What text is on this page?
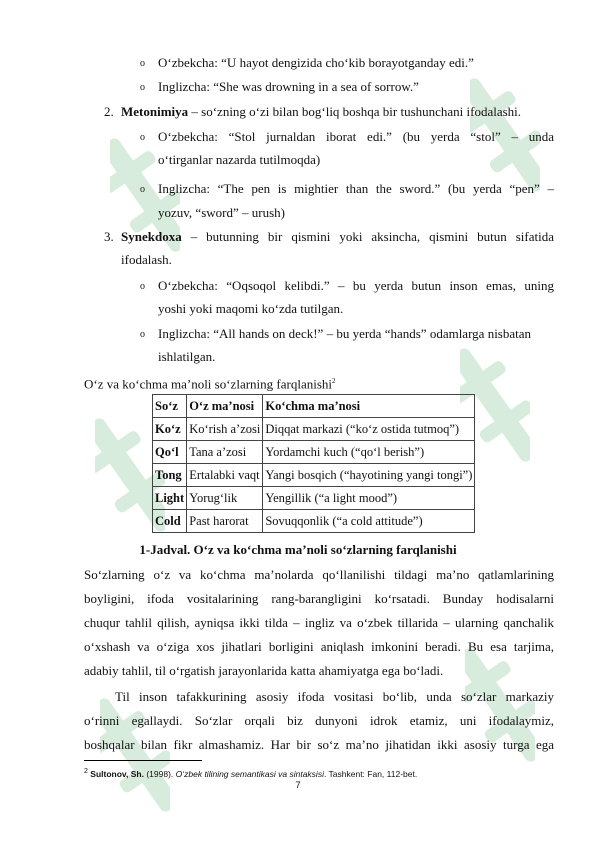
o O‘zbekcha: “U hayot dengizida cho‘kib borayotganday edi.”
o Inglizcha: “She was drowning in a sea of sorrow.”
2. Metonimiya – so‘zning o‘zi bilan bog‘liq boshqa bir tushunchani ifodalashi.
o O‘zbekcha: “Stol jurnaldan iborat edi.” (bu yerda “stol” – unda
o‘tirganlar nazarda tutilmoqda)
o Inglizcha: “The pen is mightier than the sword.” (bu yerda “pen” –
yozuv, “sword” – urush)
3. Synekdoxa – butunning bir qismini yoki aksincha, qismini butun sifatida
ifodalash.
o O‘zbekcha: “Oqsoqol kelibdi.” – bu yerda butun inson emas, uning
yoshi yoki maqomi ko‘zda tutilgan.
o Inglizcha: “All hands on deck!” – bu yerda “hands” odamlarga nisbatan
ishlatilgan.
O‘z va ko‘chma ma’noli so‘zlarning farqlanishi$^2$
So‘z	O‘z ma’nosi	Ko‘chma ma’nosi
Ko‘z	Ko‘rish a’zosi	Diqqat markazi (“ko‘z ostida tutmoq”)
Qo‘l	Tana a’zosi	Yordamchi kuch (“qo‘l berish”)
Tong	Ertalabki vaqt	Yangi bosqich (“hayotining yangi tongi”)
Light	Yorug‘lik	Yengillik (“a light mood”)
Cold	Past harorat	Sovuqqonlik (“a cold attitude”)
1-Jadval. O‘z va ko‘chma ma’noli so‘zlarning farqlanishi
So‘zlarning o‘z va ko‘chma ma’nolarda qo‘llanilishi tildagi ma’no qatlamlarining
boyligini, ifoda vositalarining rang-barangligini ko‘rsatadi. Bunday hodisalarni
chuqur tahlil qilish, ayniqsa ikki tilda – ingliz va o‘zbek tillarida – ularning qanchalik
o‘xshash va o‘ziga xos jihatlari borligini aniqlash imkonini beradi. Bu esa tarjima,
adabiy tahlil, til o‘rgatish jarayonlarida katta ahamiyatga ega bo‘ladi.
Til inson tafakkurining asosiy ifoda vositasi bo‘lib, unda so‘zlar markaziy
o‘rinni egallaydi. So‘zlar orqali biz dunyoni idrok etamiz, uni ifodalaymiz,
boshqalar bilan fikr almashamiz. Har bir so‘z ma’no jihatidan ikki asosiy turga ega
$^2$ Sultonov, Sh. (1998). O‘zbek tilining semantikasi va sintaksisi. Tashkent: Fan, 112-bet.
7
